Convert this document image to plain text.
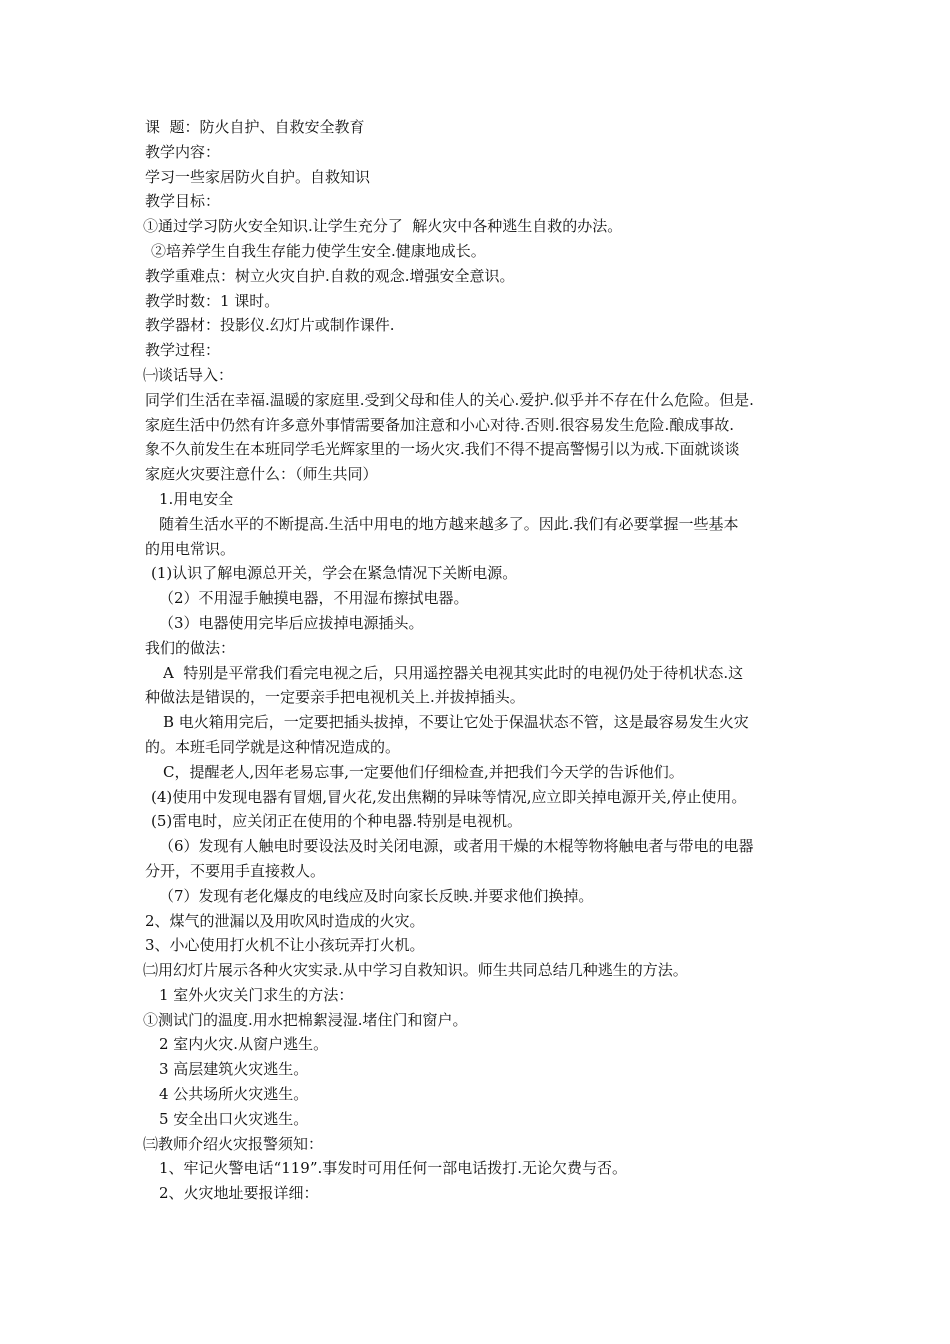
课  题：防火自护、自救安全教育
教学内容：
学习一些家居防火自护。自救知识
教学目标：
①通过学习防火安全知识.让学生充分了  解火灾中各种逃生自救的办法。
②培养学生自我生存能力使学生安全.健康地成长。
教学重难点：树立火灾自护.自救的观念.增强安全意识。
教学时数：1 课时。
教学器材：投影仪.幻灯片或制作课件.
教学过程：
㈠谈话导入：
同学们生活在幸福.温暖的家庭里.受到父母和佳人的关心.爱护.似乎并不存在什么危险。但是.
家庭生活中仍然有许多意外事情需要备加注意和小心对待.否则.很容易发生危险.酿成事故.
象不久前发生在本班同学毛光辉家里的一场火灾.我们不得不提高警惕引以为戒.下面就谈谈
家庭火灾要注意什么：（师生共同）
1.用电安全
随着生活水平的不断提高.生活中用电的地方越来越多了。因此.我们有必要掌握一些基本
的用电常识。
(1)认识了解电源总开关，学会在紧急情况下关断电源。
（2）不用湿手触摸电器，不用湿布擦拭电器。
（3）电器使用完毕后应拔掉电源插头。
我们的做法：
A  特别是平常我们看完电视之后，只用遥控器关电视其实此时的电视仍处于待机状态.这
种做法是错误的，一定要亲手把电视机关上.并拔掉插头。
B 电火箱用完后，一定要把插头拔掉，不要让它处于保温状态不管，这是最容易发生火灾
的。本班毛同学就是这种情况造成的。
C，提醒老人,因年老易忘事,一定要他们仔细检查,并把我们今天学的告诉他们。
(4)使用中发现电器有冒烟,冒火花,发出焦糊的异味等情况,应立即关掉电源开关,停止使用。
(5)雷电时，应关闭正在使用的个种电器.特别是电视机。
（6）发现有人触电时要设法及时关闭电源，或者用干燥的木棍等物将触电者与带电的电器
分开，不要用手直接救人。
（7）发现有老化爆皮的电线应及时向家长反映.并要求他们换掉。
2、煤气的泄漏以及用吹风时造成的火灾。
3、小心使用打火机不让小孩玩弄打火机。
㈡用幻灯片展示各种火灾实录.从中学习自救知识。师生共同总结几种逃生的方法。
1 室外火灾关门求生的方法：
①测试门的温度.用水把棉絮浸湿.堵住门和窗户。
2 室内火灾.从窗户逃生。
3 高层建筑火灾逃生。
4 公共场所火灾逃生。
5 安全出口火灾逃生。
㈢教师介绍火灾报警须知：
1、牢记火警电话“119”.事发时可用任何一部电话拨打.无论欠费与否。
2、火灾地址要报详细：
